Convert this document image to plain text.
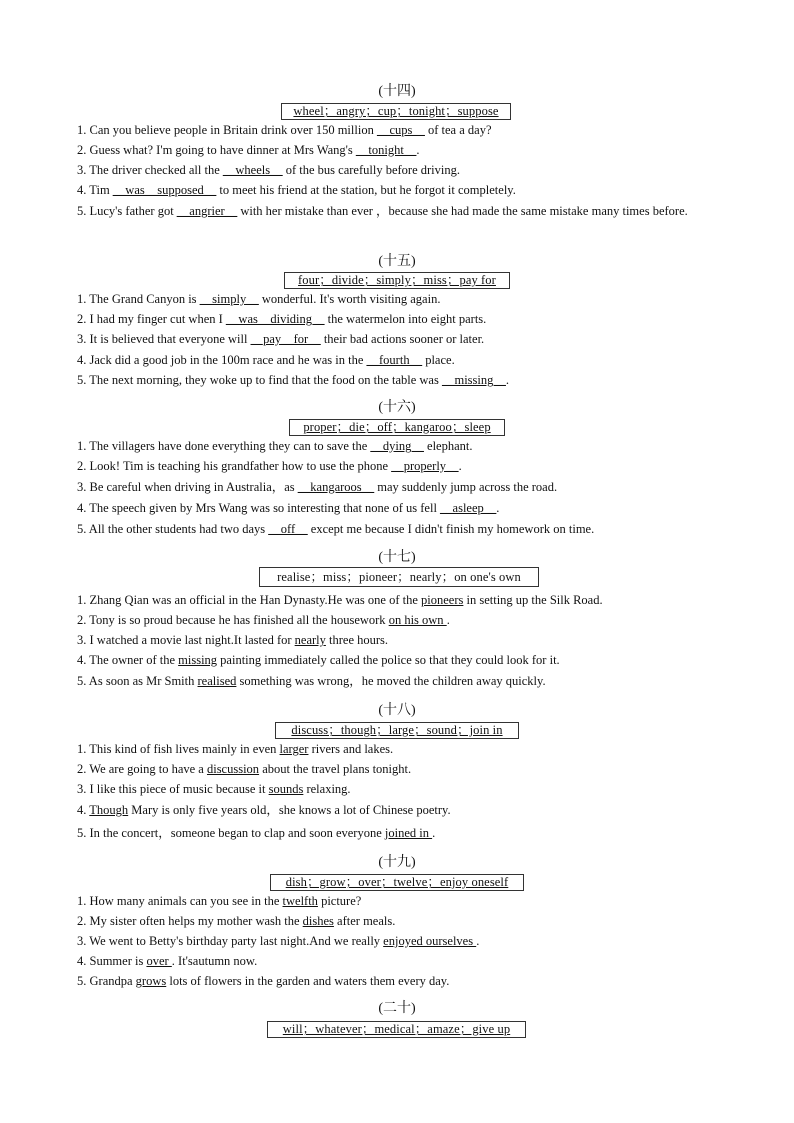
(十四)
wheel；angry；cup；tonight；suppose
1. Can you believe people in Britain drink over 150 million __cups__ of tea a day?
2. Guess what? I'm going to have dinner at Mrs Wang's __tonight__.
3. The driver checked all the __wheels__ of the bus carefully before driving.
4. Tim __was__supposed__ to meet his friend at the station, but he forgot it completely.
5. Lucy's father got __angrier__ with her mistake than ever ，because she had made the same mistake many times before.
(十五)
four；divide；simply；miss；pay for
1. The Grand Canyon is __simply__ wonderful. It's worth visiting again.
2. I had my finger cut when I __was__dividing__ the watermelon into eight parts.
3. It is believed that everyone will __pay__for__ their bad actions sooner or later.
4. Jack did a good job in the 100m race and he was in the __fourth__ place.
5. The next morning, they woke up to find that the food on the table was __missing__.
(十六)
proper；die；off；kangaroo；sleep
1. The villagers have done everything they can to save the __dying__ elephant.
2. Look! Tim is teaching his grandfather how to use the phone __properly__.
3. Be careful when driving in Australia，as __kangaroos__ may suddenly jump across the road.
4. The speech given by Mrs Wang was so interesting that none of us fell __asleep__.
5. All the other students had two days __off__ except me because I didn't finish my homework on time.
(十七)
realise；miss；pioneer；nearly；on one's own
1. Zhang Qian was an official in the Han Dynasty.He was one of the pioneers in setting up the Silk Road.
2. Tony is so proud because he has finished all the housework on his own .
3. I watched a movie last night.It lasted for nearly three hours.
4. The owner of the missing painting immediately called the police so that they could look for it.
5. As soon as Mr Smith realised something was wrong，he moved the children away quickly.
(十八)
discuss；though；large；sound；join in
1. This kind of fish lives mainly in even larger rivers and lakes.
2. We are going to have a discussion about the travel plans tonight.
3. I like this piece of music because it sounds relaxing.
4. Though Mary is only five years old，she knows a lot of Chinese poetry.
5. In the concert，someone began to clap and soon everyone joined in .
(十九)
dish；grow；over；twelve；enjoy oneself
1. How many animals can you see in the twelfth picture?
2. My sister often helps my mother wash the dishes after meals.
3. We went to Betty's birthday party last night.And we really enjoyed ourselves .
4. Summer is over . It'sautumn now.
5. Grandpa grows lots of flowers in the garden and waters them every day.
(二十)
will；whatever；medical；amaze；give up
